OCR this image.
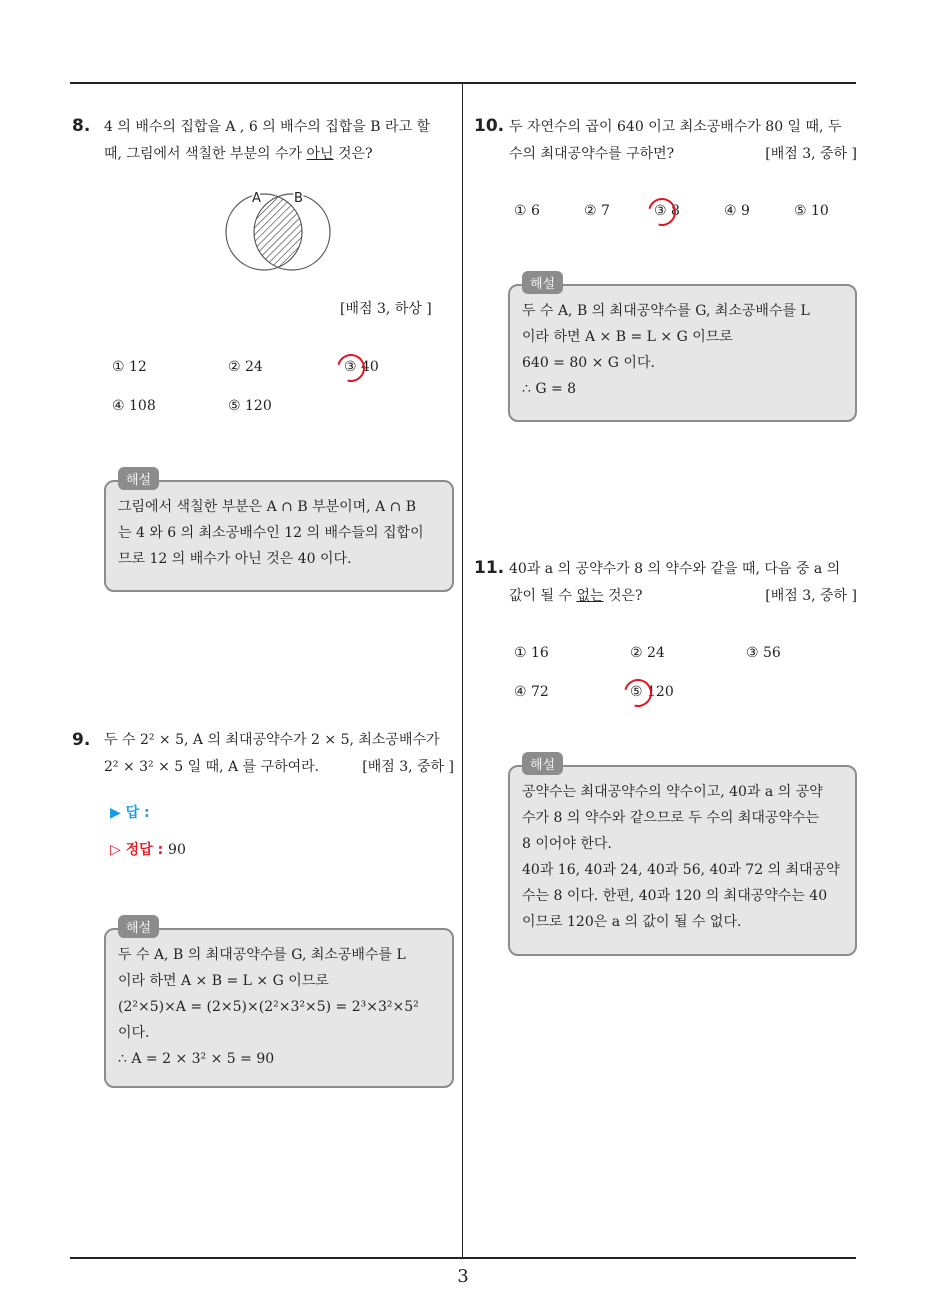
3
8. 4 의 배수의 집합을 A , 6 의 배수의 집합을 B 라고 할
때, 그림에서 색칠한 부분의 수가 아닌 것은?
A	B
[배점 3, 하상 ]
① 12	② 24	③ 40
④ 108	⑤ 120
그림에서 색칠한 부분은 A ∩ B 부분이며, A ∩ B
는 4 와 6 의 최소공배수인 12 의 배수들의 집합이
므로 12 의 배수가 아닌 것은 40 이다.
해설
9. 두 수 2² × 5, A 의 최대공약수가 2 × 5, 최소공배수가
2² × 3² × 5 일 때, A 를 구하여라.	[배점 3, 중하 ]
▶ 답 :
▷ 정답 : 90
두 수 A, B 의 최대공약수를 G, 최소공배수를 L
이라 하면 A × B = L × G 이므로
(2²×5)×A = (2×5)×(2²×3²×5) = 2³×3²×5²
이다.
∴ A = 2 × 3² × 5 = 90
해설
10. 두 자연수의 곱이 640 이고 최소공배수가 80 일 때, 두
수의 최대공약수를 구하면?	[배점 3, 중하 ]
① 6	② 7	③ 8	④ 9	⑤ 10
두 수 A, B 의 최대공약수를 G, 최소공배수를 L
이라 하면 A × B = L × G 이므로
640 = 80 × G 이다.
∴ G = 8
해설
11. 40과 a 의 공약수가 8 의 약수와 같을 때, 다음 중 a 의
값이 될 수 없는 것은?	[배점 3, 중하 ]
① 16	② 24	③ 56
④ 72	⑤ 120
공약수는 최대공약수의 약수이고, 40과 a 의 공약
수가 8 의 약수와 같으므로 두 수의 최대공약수는
8 이어야 한다.
40과 16, 40과 24, 40과 56, 40과 72 의 최대공약
수는 8 이다. 한편, 40과 120 의 최대공약수는 40
이므로 120은 a 의 값이 될 수 없다.
해설
